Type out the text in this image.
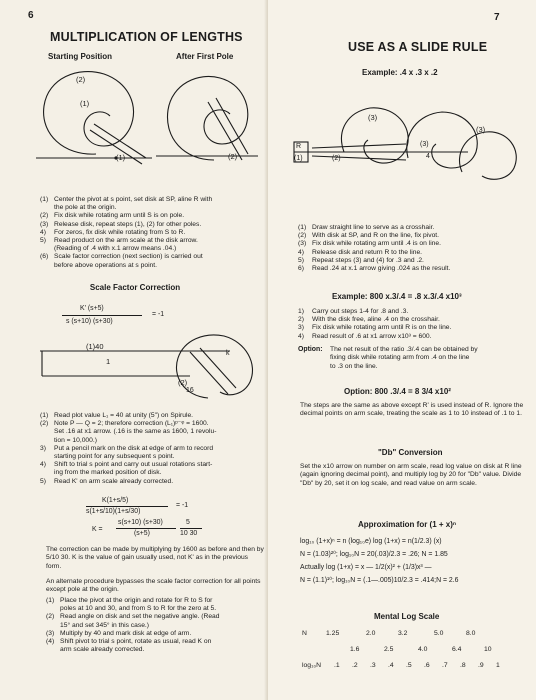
6
MULTIPLICATION OF LENGTHS
Starting Position	After First Pole
(2)
(1)
(1)	(2)
(1) Center the pivot at s point, set disk at SP, aline R with
the pole at the origin.
(2) Fix disk while rotating arm until S is on pole.
(3) Release disk, repeat steps (1), (2) for other poles.
4) For zeros, fix disk while rotating from S to R.
5) Read product on the arm scale at the disk arrow.
(Reading of .4 with x.1 arrow means .04.)
(6) Scale factor correction (next section) is carried out
before above operations at s point.
Scale Factor Correction
K' (s+5)
s (s+10) (s+30)
= -1
(1)40
1
k
(2)
16
(1) Read plot value L₁ = 40 at unity (5") on Spirule.
(2) Note P — Q = 2; therefore correction (L₁)ᵖ⁻ᵠ = 1600.
Set .16 at x1 arrow. (.16 is the same as 1600, 1 revolu-
tion = 10,000.)
3) Put a pencil mark on the disk at edge of arm to record
starting point for any subsequent s point.
4) Shift to trial s point and carry out usual rotations start-
ing from the marked position of disk.
5) Read K' on arm scale already corrected.
K(1+s/5)
s(1+s/10)(1+s/30)
= -1
K =
s(s+10) (s+30)
(s+5)
5
10 30

The correction can be made by multiplying by 1600 as before and then by 5/10 30. K is the value of gain usually used, not K' as in the previous form.

An alternate procedure bypasses the scale factor correction for all points except pole at the origin.

(1) Place the pivot at the origin and rotate for R to S for
poles at 10 and 30, and from S to R for the zero at 5.
(2) Read angle on disk and set the negative angle. (Read
15° and set 345° in this case.)
(3) Multiply by 40 and mark disk at edge of arm.
(4) Shift pivot to trial s point, rotate as usual, read K on
arm scale already corrected.
7
USE AS A SLIDE RULE
Example: .4 x .3 x .2
(3)
R
(1)	(2)
(3)
4
(3)
(1) Draw straight line to serve as a crosshair.
(2) With disk at SP, and R on the line, fix pivot.
(3) Fix disk while rotating arm until .4 is on line.
4) Release disk and return R to the line.
5) Repeat steps (3) and (4) for .3 and .2.
6) Read .24 at x.1 arrow giving .024 as the result.
Example: 800 x.3/.4 = .8 x.3/.4 x10³
1) Carry out steps 1-4 for .8 and .3.
2) With the disk free, aline .4 on the crosshair.
3) Fix disk while rotating arm until R is on the line.
4) Read result of .6 at x1 arrow x10³ = 600.
Option: The net result of the ratio .3/.4 can be obtained by
fixing disk while rotating arm from .4 on the line
to .3 on the line.
Option: 800 .3/.4 = 8 3/4 x10²

The steps are the same as above except R' is used instead of R. Ignore the decimal points on arm scale, treating the scale as 1 to 10 instead of .1 to 1.

"Db" Conversion

Set the x10 arrow on number on arm scale, read log value on disk at R line (again ignoring decimal point), and multiply log by 20 for "Db" value. Divide "Db" by 20, set it on log scale, and read value on arm scale.

Approximation for (1 + x)ⁿ
log₁₀ (1+x)ⁿ = n (log₁₀e) log (1+x) = n(1/2.3) (x)
N = (1.03)²⁰; log₁₀N = 20(.03)/2.3 = .26; N = 1.85
Actually log (1+x) = x — 1/2(x)² + (1/3)x³ —
N = (1.1)¹⁰; log₁₀N = (.1—.005)10/2.3 = .414;N = 2.6
Mental Log Scale
N	1.25	2.0	3.2	5.0	8.0
1.6	2.5	4.0	6.4	10
log₁₀N .1 .2 .3 .4 .5 .6 .7 .8 .9 1
